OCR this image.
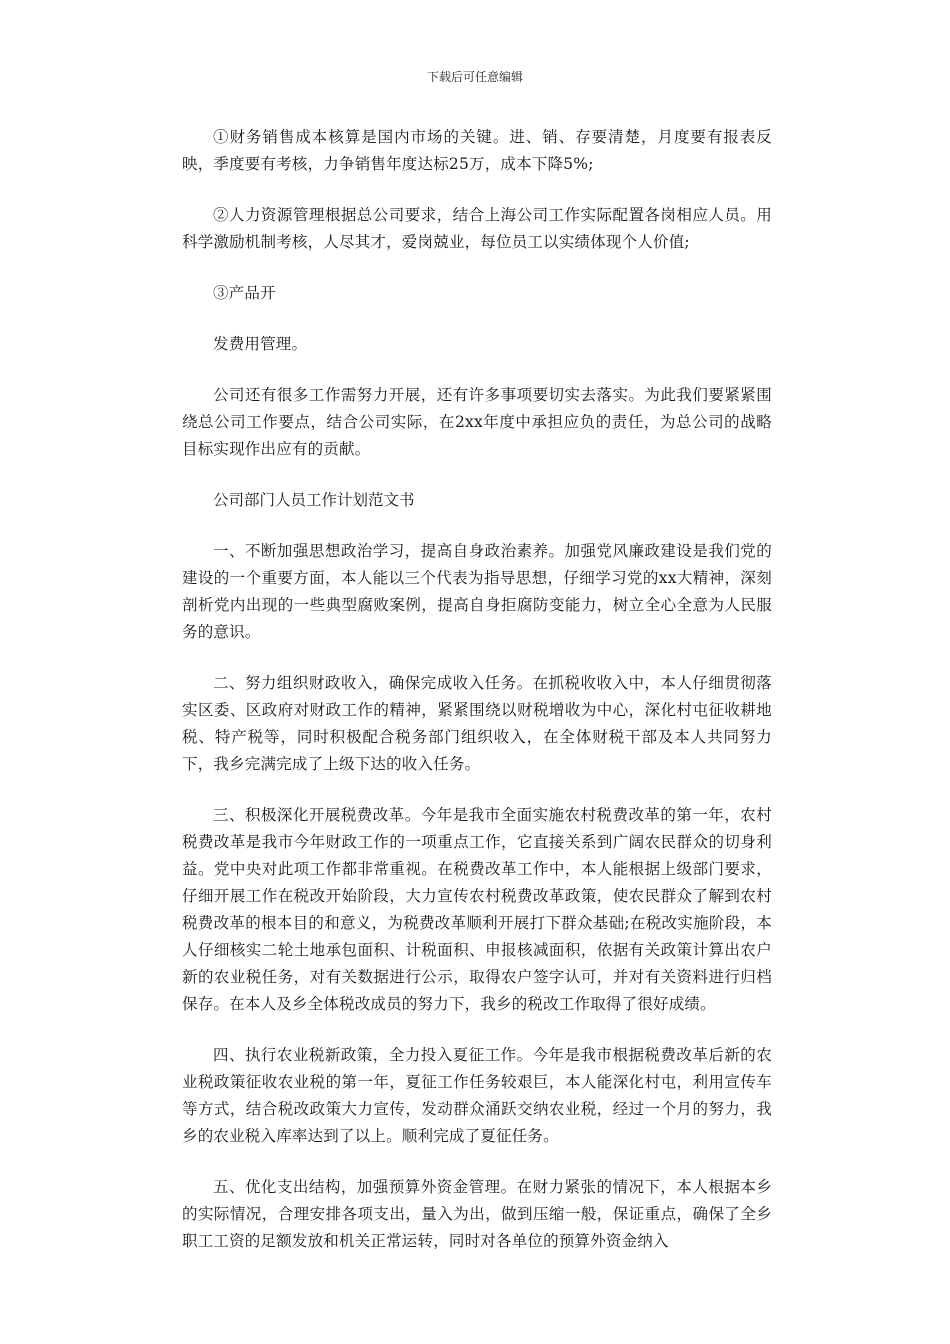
下载后可任意编辑

①财务销售成本核算是国内市场的关键。进、销、存要清楚，月度要有报表反映，季度要有考核，力争销售年度达标25万，成本下降5%;

②人力资源管理根据总公司要求，结合上海公司工作实际配置各岗相应人员。用科学激励机制考核，人尽其才，爱岗兢业，每位员工以实绩体现个人价值;

③产品开

发费用管理。

公司还有很多工作需努力开展，还有许多事项要切实去落实。为此我们要紧紧围绕总公司工作要点，结合公司实际，在2xx年度中承担应负的责任，为总公司的战略目标实现作出应有的贡献。

公司部门人员工作计划范文书

一、不断加强思想政治学习，提高自身政治素养。加强党风廉政建设是我们党的建设的一个重要方面，本人能以三个代表为指导思想，仔细学习党的xx大精神，深刻剖析党内出现的一些典型腐败案例，提高自身拒腐防变能力，树立全心全意为人民服务的意识。

二、努力组织财政收入，确保完成收入任务。在抓税收收入中，本人仔细贯彻落实区委、区政府对财政工作的精神，紧紧围绕以财税增收为中心，深化村屯征收耕地税、特产税等，同时积极配合税务部门组织收入，在全体财税干部及本人共同努力下，我乡完满完成了上级下达的收入任务。

三、积极深化开展税费改革。今年是我市全面实施农村税费改革的第一年，农村税费改革是我市今年财政工作的一项重点工作，它直接关系到广阔农民群众的切身利益。党中央对此项工作都非常重视。在税费改革工作中，本人能根据上级部门要求，仔细开展工作在税改开始阶段，大力宣传农村税费改革政策，使农民群众了解到农村税费改革的根本目的和意义，为税费改革顺利开展打下群众基础;在税改实施阶段，本人仔细核实二轮土地承包面积、计税面积、申报核减面积，依据有关政策计算出农户新的农业税任务，对有关数据进行公示，取得农户签字认可，并对有关资料进行归档保存。在本人及乡全体税改成员的努力下，我乡的税改工作取得了很好成绩。

四、执行农业税新政策，全力投入夏征工作。今年是我市根据税费改革后新的农业税政策征收农业税的第一年，夏征工作任务较艰巨，本人能深化村屯，利用宣传车等方式，结合税改政策大力宣传，发动群众涌跃交纳农业税，经过一个月的努力，我乡的农业税入库率达到了以上。顺利完成了夏征任务。

五、优化支出结构，加强预算外资金管理。在财力紧张的情况下，本人根据本乡的实际情况，合理安排各项支出，量入为出，做到压缩一般，保证重点，确保了全乡职工工资的足额发放和机关正常运转，同时对各单位的预算外资金纳入
